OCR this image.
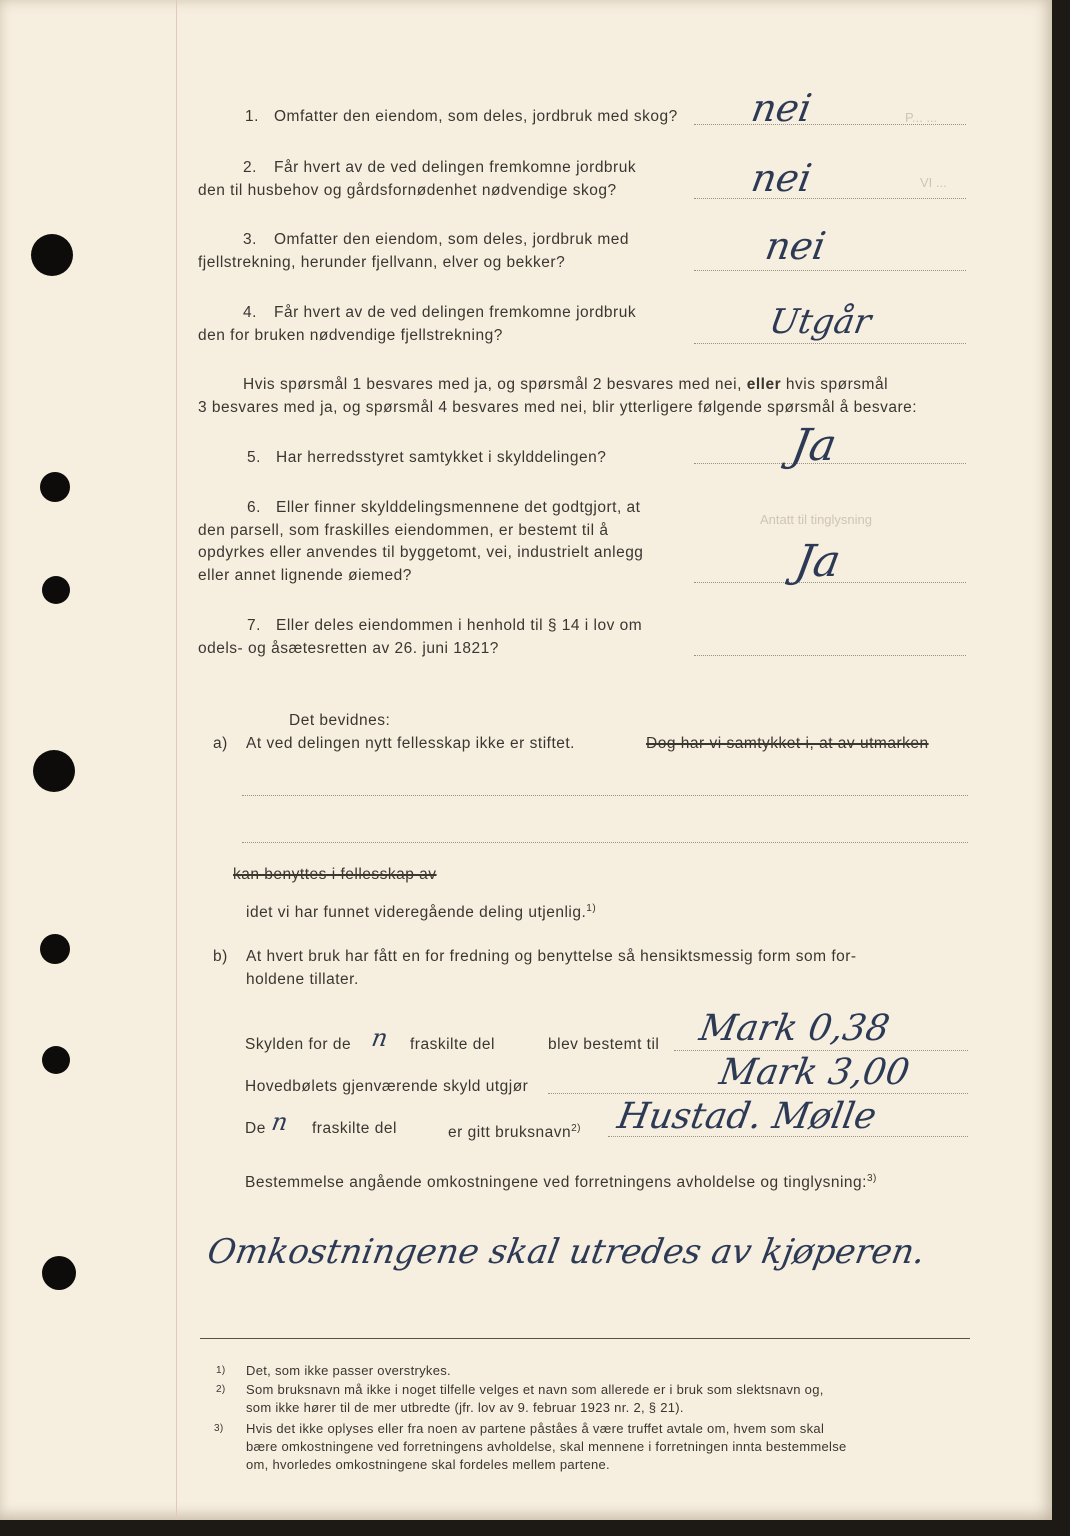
P... ...
VI ...
Antatt til tinglysning
1. Omfatter den eiendom, som deles, jordbruk med skog? nei
2. Får hvert av de ved delingen fremkomne jordbruk
den til husbehov og gårdsfornødenhet nødvendige skog?	nei
3. Omfatter den eiendom, som deles, jordbruk med
fjellstrekning, herunder fjellvann, elver og bekker?	nei
4. Får hvert av de ved delingen fremkomne jordbruk
den for bruken nødvendige fjellstrekning?	Utgår
Hvis spørsmål 1 besvares med ja, og spørsmål 2 besvares med nei, eller hvis spørsmål
3 besvares med ja, og spørsmål 4 besvares med nei, blir ytterligere følgende spørsmål å besvare:
5. Har herredsstyret samtykket i skylddelingen?	Ja
6. Eller finner skylddelingsmennene det godtgjort, at
den parsell, som fraskilles eiendommen, er bestemt til å
opdyrkes eller anvendes til byggetomt, vei, industrielt anlegg
eller annet lignende øiemed?	Ja
7. Eller deles eiendommen i henhold til § 14 i lov om
odels- og åsætesretten av 26. juni 1821?
Det bevidnes:
a) At ved delingen nytt fellesskap ikke er stiftet.	Dog har vi samtykket i, at av utmarken
kan benyttes i fellesskap av
idet vi har funnet videregående deling utjenlig.$^{1)}$
b) At hvert bruk har fått en for fredning og benyttelse så hensiktsmessig form som for-
holdene tillater.
Skylden for de n fraskilte del	blev bestemt til Mark 0,38
Hovedbølets gjenværende skyld utgjør	Mark 3,00
De n fraskilte del	er gitt bruksnavn$^{2)}$ Hustad. Mølle
Bestemmelse angående omkostningene ved forretningens avholdelse og tinglysning:$^{3)}$
Omkostningene skal utredes av kjøperen.
1) Det, som ikke passer overstrykes.
2) Som bruksnavn må ikke i noget tilfelle velges et navn som allerede er i bruk som slektsnavn og,
som ikke hører til de mer utbredte (jfr. lov av 9. februar 1923 nr. 2, § 21).
3) Hvis det ikke oplyses eller fra noen av partene påståes å være truffet avtale om, hvem som skal
bære omkostningene ved forretningens avholdelse, skal mennene i forretningen innta bestemmelse
om, hvorledes omkostningene skal fordeles mellem partene.
